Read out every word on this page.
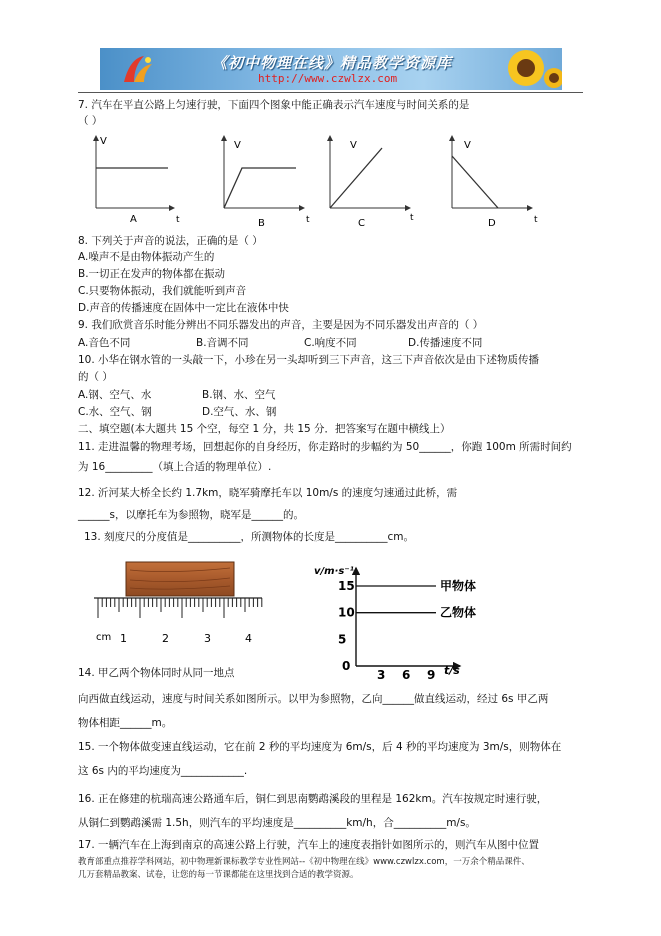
《初中物理在线》精品教学资源库
http://www.czwlzx.com
7. 汽车在平直公路上匀速行驶，下面四个图象中能正确表示汽车速度与时间关系的是
（ ）
V
t
A
V
t
B
V
t
C
V
t
D
8. 下列关于声音的说法，正确的是（ ）
A.噪声不是由物体振动产生的
B.一切正在发声的物体都在振动
C.只要物体振动，我们就能听到声音
D.声音的传播速度在固体中一定比在液体中快
9. 我们欣赏音乐时能分辨出不同乐器发出的声音，主要是因为不同乐器发出声音的（ ）
A.音色不同	B.音调不同	C.响度不同	D.传播速度不同
10. 小华在钢水管的一头敲一下，小珍在另一头却听到三下声音，这三下声音依次是由下述物质传播
的（ ）
A.钢、空气、水	B.钢、水、空气
C.水、空气、钢	D.空气、水、钢
二、填空题(本大题共 15 个空，每空 1 分，共 15 分．把答案写在题中横线上）
11. 走进温馨的物理考场，回想起你的自身经历，你走路时的步幅约为 50______，你跑 100m 所需时间约
为 16_________（填上合适的物理单位）.
12. 沂河某大桥全长约 1.7km，晓军骑摩托车以 10m/s 的速度匀速通过此桥，需
______s，以摩托车为参照物，晓军是______的。
13. 刻度尺的分度值是__________，所测物体的长度是__________cm。
cm 1	2	3	4
v/m·s⁻¹
t/s
0
3 6 9
5
10
15	甲物体
乙物体
14. 甲乙两个物体同时从同一地点
向西做直线运动，速度与时间关系如图所示。以甲为参照物，乙向______做直线运动，经过 6s 甲乙两
物体相距______m。
15. 一个物体做变速直线运动，它在前 2 秒的平均速度为 6m/s，后 4 秒的平均速度为 3m/s，则物体在
这 6s 内的平均速度为____________.
16. 正在修建的杭瑞高速公路通车后，铜仁到思南鹦鹉溪段的里程是 162km。汽车按规定时速行驶，
从铜仁到鹦鹉溪需 1.5h，则汽车的平均速度是__________km/h，合__________m/s。
17. 一辆汽车在上海到南京的高速公路上行驶，汽车上的速度表指针如图所示的，则汽车从图中位置
教育部重点推荐学科网站，初中物理新课标教学专业性网站--《初中物理在线》www.czwlzx.com，一万余个精品课件、
几万套精品教案、试卷，让您的每一节课都能在这里找到合适的教学资源。
